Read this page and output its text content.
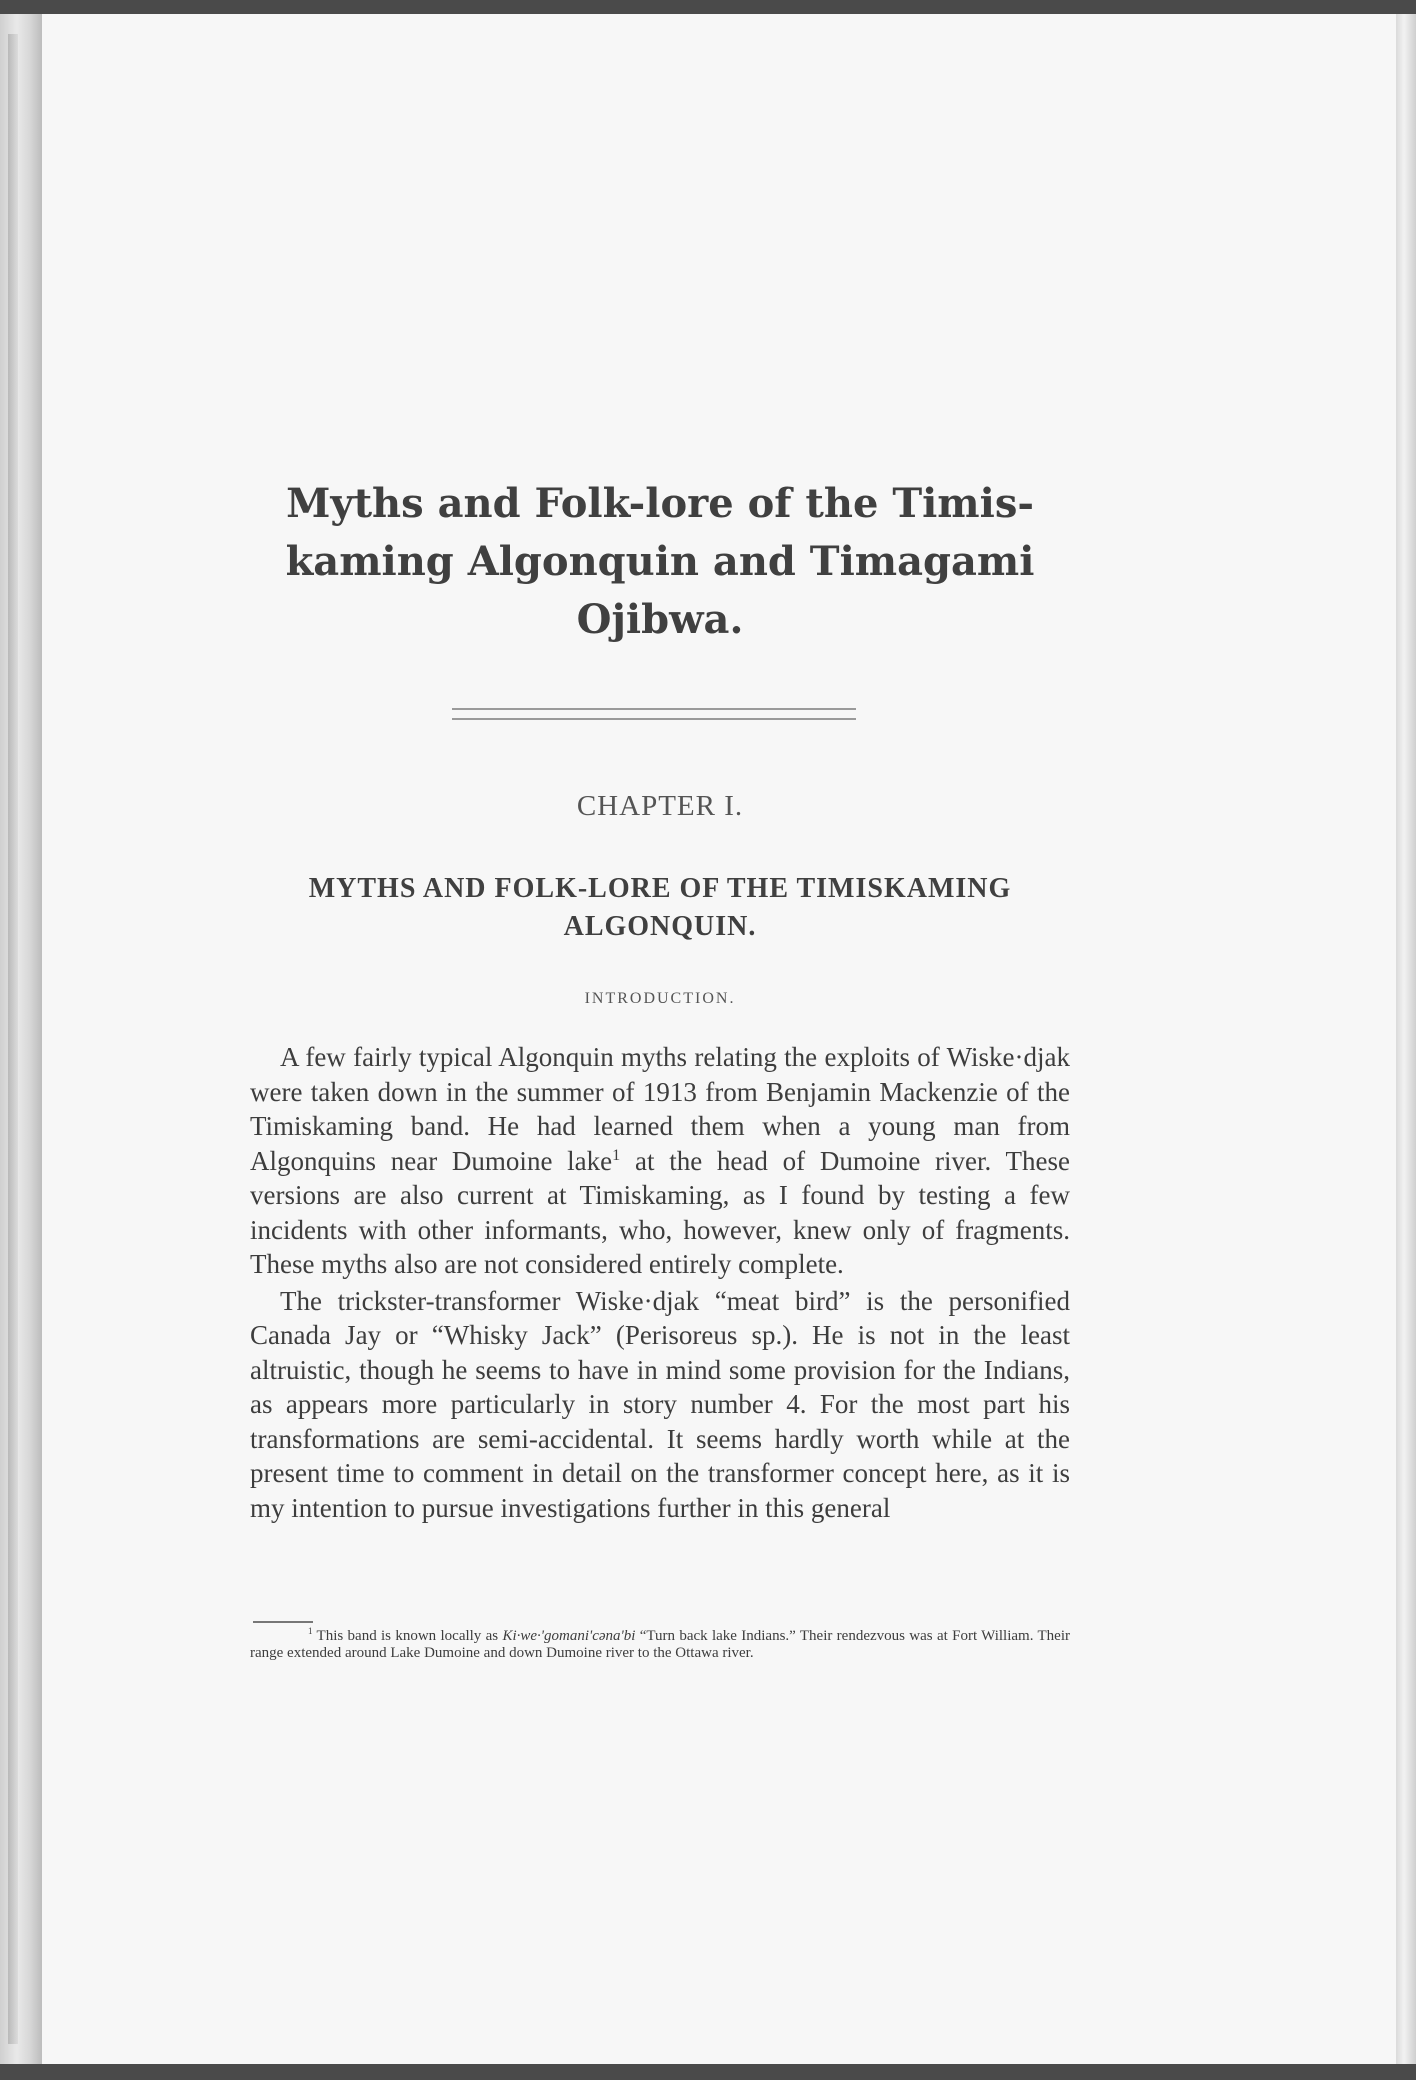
Myths and Folk-lore of the Timis-
kaming Algonquin and Timagami
Ojibwa.
CHAPTER I.
MYTHS AND FOLK-LORE OF THE TIMISKAMING
ALGONQUIN.
INTRODUCTION.

A few fairly typical Algonquin myths relating the exploits of Wiske·djak were taken down in the summer of 1913 from Benjamin Mackenzie of the Timiskaming band. He had learned them when a young man from Algonquins near Dumoine lake$^1$ at the head of Dumoine river. These versions are also current at Timiskaming, as I found by testing a few incidents with other informants, who, however, knew only of fragments. These myths also are not considered entirely complete.

The trickster-transformer Wiske·djak “meat bird” is the personified Canada Jay or “Whisky Jack” (Perisoreus sp.). He is not in the least altruistic, though he seems to have in mind some provision for the Indians, as appears more particularly in story number 4. For the most part his transformations are semi-accidental. It seems hardly worth while at the present time to comment in detail on the transformer concept here, as it is my intention to pursue investigations further in this general

$^1$ This band is known locally as Ki·we·'gomani'cəna'bi “Turn back lake Indians.” Their rendezvous was at Fort William. Their range extended around Lake Dumoine and down Dumoine river to the Ottawa river.
